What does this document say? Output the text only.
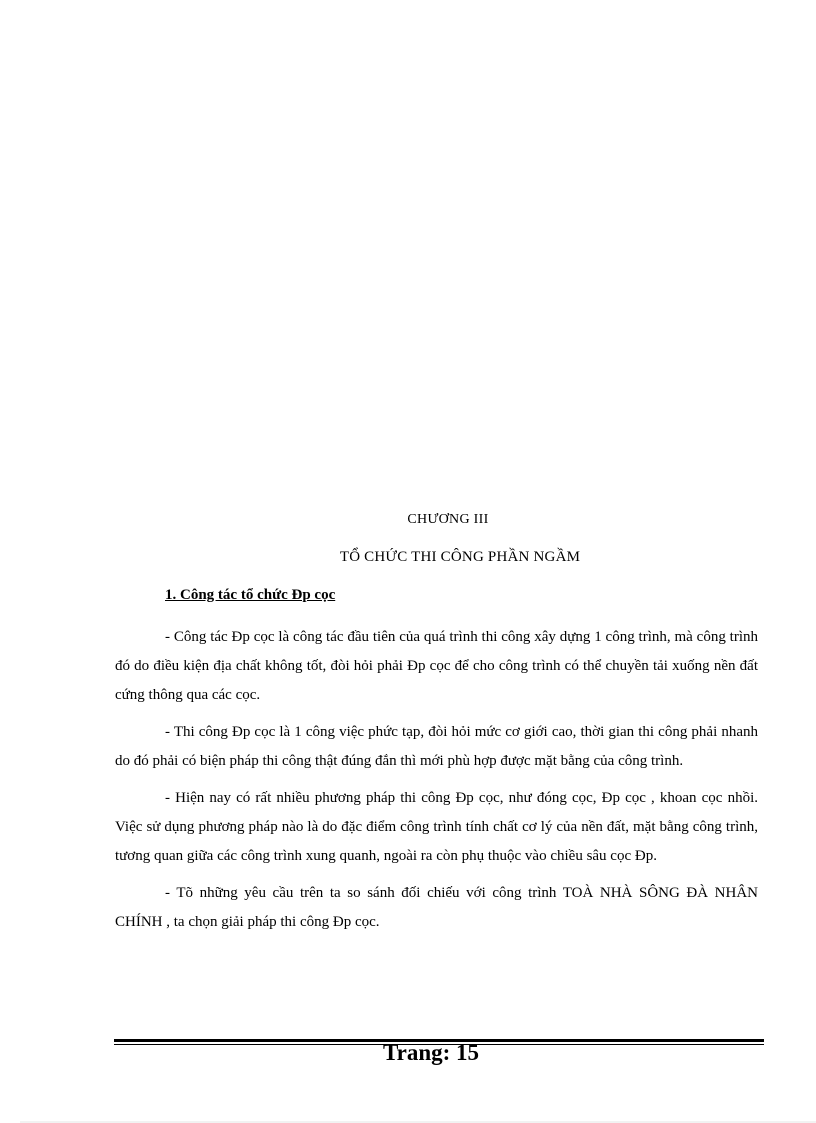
CHƯƠNG III
TỔ CHỨC THI CÔNG PHẦN NGẦM
1. Công tác tổ chức Đp cọc

- Công tác Đp cọc là công tác đầu tiên của quá trình thi công xây dựng 1 công trình, mà công trình đó do điều kiện địa chất không tốt, đòi hỏi phải Đp cọc để cho công trình có thể chuyền tải xuống nền đất cứng thông qua các cọc.

- Thi công Đp cọc là 1 công việc phức tạp, đòi hỏi mức cơ giới cao, thời gian thi công phải nhanh do đó phải có biện pháp thi công thật đúng đắn thì mới phù hợp được mặt bằng của công trình.

- Hiện nay có rất nhiều phương pháp thi công Đp cọc, như đóng cọc, Đp cọc , khoan cọc nhồi. Việc sử dụng phương pháp nào là do đặc điểm công trình tính chất cơ lý của nền đất, mặt bằng công trình, tương quan giữa các công trình xung quanh, ngoài ra còn phụ thuộc vào chiều sâu cọc Đp.

- Tõ những yêu cầu trên ta so sánh đối chiếu với công trình TOÀ NHÀ SÔNG ĐÀ NHÂN CHÍNH , ta chọn giải pháp thi công Đp cọc.

Trang: 15
